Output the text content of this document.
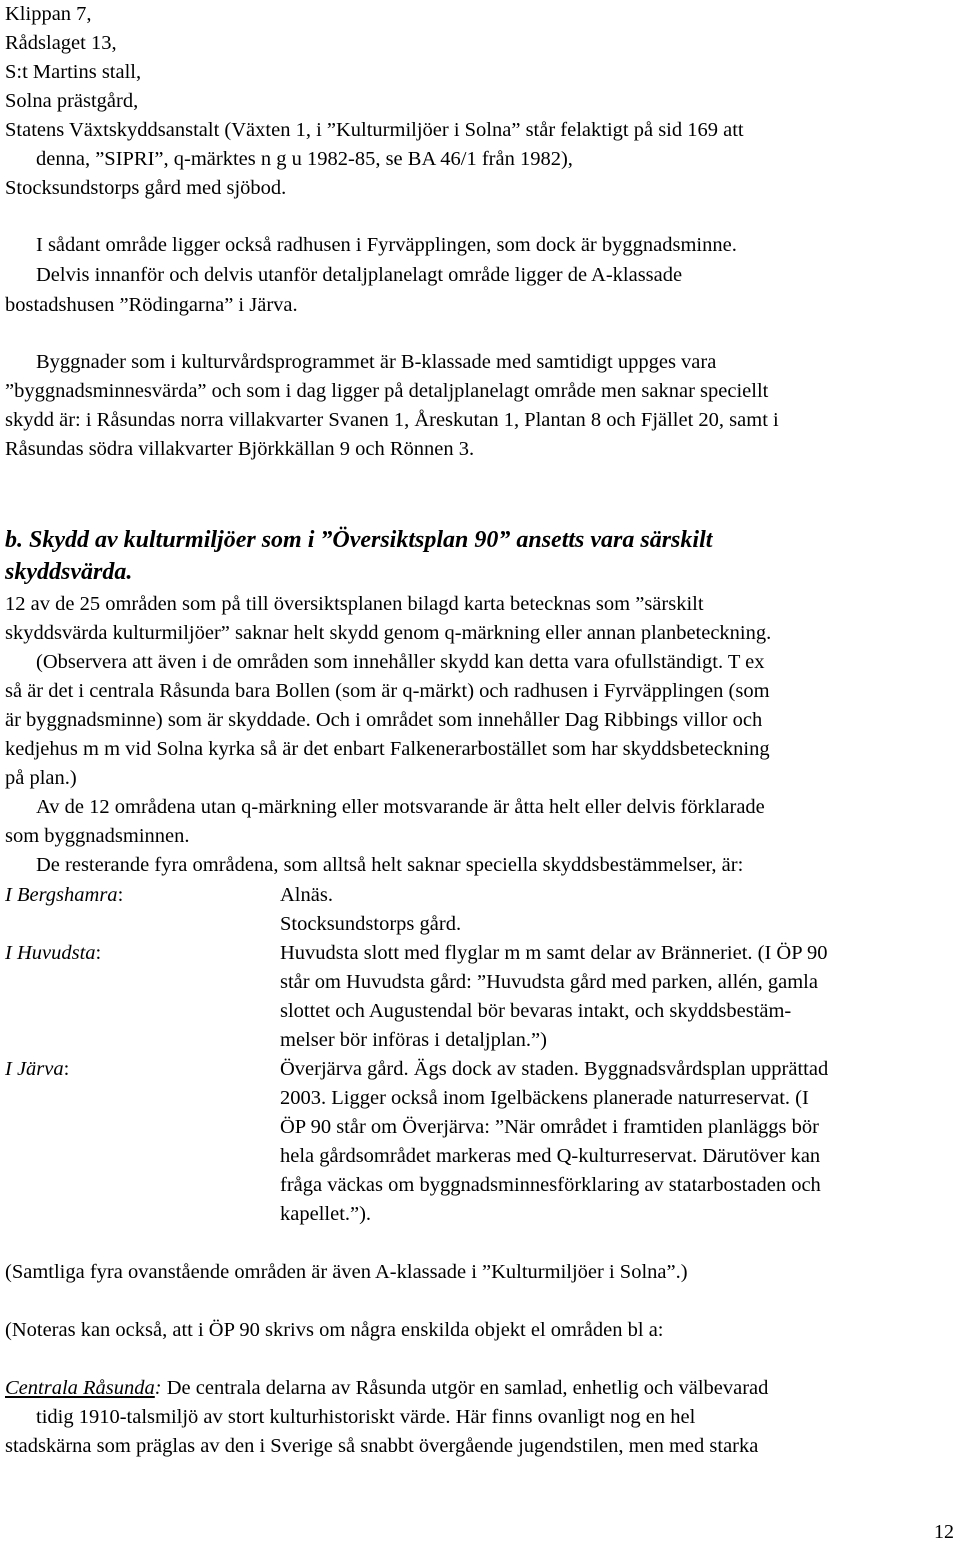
Klippan 7,
Rådslaget 13,
S:t Martins stall,
Solna prästgård,
Statens Växtskyddsanstalt (Växten 1, i ”Kulturmiljöer i Solna” står felaktigt på sid 169 att
denna, ”SIPRI”, q-märktes n g u 1982-85, se BA 46/1 från 1982),
Stocksundstorps gård med sjöbod.
I sådant område ligger också radhusen i Fyrväpplingen, som dock är byggnadsminne.
Delvis innanför och delvis utanför detaljplanelagt område ligger de A-klassade
bostadshusen ”Rödingarna” i Järva.
Byggnader som i kulturvårdsprogrammet är B-klassade med samtidigt uppges vara
”byggnadsminnesvärda” och som i dag ligger på detaljplanelagt område men saknar speciellt
skydd är: i Råsundas norra villakvarter Svanen 1, Åreskutan 1, Plantan 8 och Fjället 20, samt i
Råsundas södra villakvarter Björkkällan 9 och Rönnen 3.
b. Skydd av kulturmiljöer som i ”Översiktsplan 90” ansetts vara särskilt
skyddsvärda.
12 av de 25 områden som på till översiktsplanen bilagd karta betecknas som ”särskilt
skyddsvärda kulturmiljöer” saknar helt skydd genom q-märkning eller annan planbeteckning.
(Observera att även i de områden som innehåller skydd kan detta vara ofullständigt. T ex
så är det i centrala Råsunda bara Bollen (som är q-märkt) och radhusen i Fyrväpplingen (som
är byggnadsminne) som är skyddade. Och i området som innehåller Dag Ribbings villor och
kedjehus m m vid Solna kyrka så är det enbart Falkenerarbostället som har skyddsbeteckning
på plan.)
Av de 12 områdena utan q-märkning eller motsvarande är åtta helt eller delvis förklarade
som byggnadsminnen.
De resterande fyra områdena, som alltså helt saknar speciella skyddsbestämmelser, är:
I Bergshamra:	Alnäs.
Stocksundstorps gård.
I Huvudsta:	Huvudsta slott med flyglar m m samt delar av Bränneriet. (I ÖP 90
står om Huvudsta gård: ”Huvudsta gård med parken, allén, gamla
slottet och Augustendal bör bevaras intakt, och skyddsbestäm-
melser bör införas i detaljplan.”)
I Järva:	Överjärva gård. Ägs dock av staden. Byggnadsvårdsplan upprättad
2003. Ligger också inom Igelbäckens planerade naturreservat. (I
ÖP 90 står om Överjärva: ”När området i framtiden planläggs bör
hela gårdsområdet markeras med Q-kulturreservat. Därutöver kan
fråga väckas om byggnadsminnesförklaring av statarbostaden och
kapellet.”).
(Samtliga fyra ovanstående områden är även A-klassade i ”Kulturmiljöer i Solna”.)
(Noteras kan också, att i ÖP 90 skrivs om några enskilda objekt el områden bl a:
Centrala Råsunda: De centrala delarna av Råsunda utgör en samlad, enhetlig och välbevarad
tidig 1910-talsmiljö av stort kulturhistoriskt värde. Här finns ovanligt nog en hel
stadskärna som präglas av den i Sverige så snabbt övergående jugendstilen, men med starka
12
